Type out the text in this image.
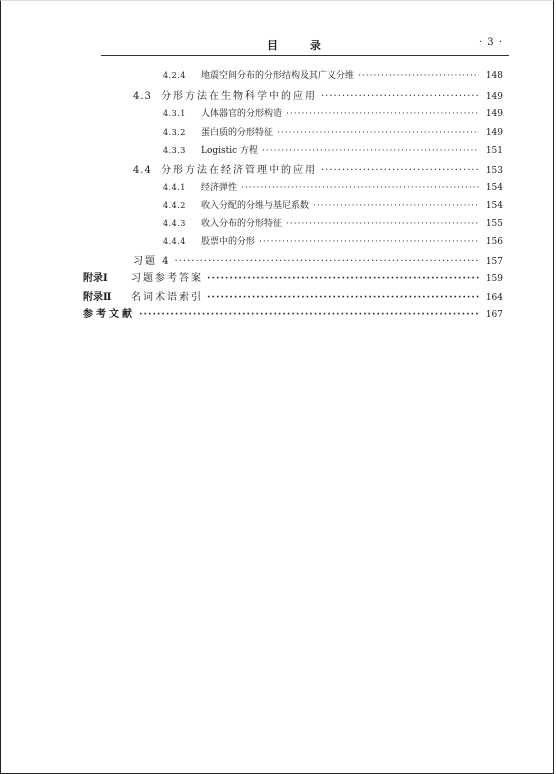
目 录	· 3 ·
4.2.4	地震空间分布的分形结构及其广义分维 ·····	148
4.3 分形方法在生物科学中的应用 ·····	149
4.3.1	人体器官的分形构造 ·····	149
4.3.2	蛋白质的分形特征 ·····	149
4.3.3	Logistic 方程 ·····	151
4.4 分形方法在经济管理中的应用 ·····	153
4.4.1	经济弹性 ·····	154
4.4.2	收入分配的分维与基尼系数 ·····	154
4.4.3	收入分布的分形特征 ·····	155
4.4.4	股票中的分形 ·····	156
习题 4 ·····	157
附录Ⅰ	习题参考答案 ·····	159
附录Ⅱ	名词术语索引 ·····	164
参考文献 ·····	167
